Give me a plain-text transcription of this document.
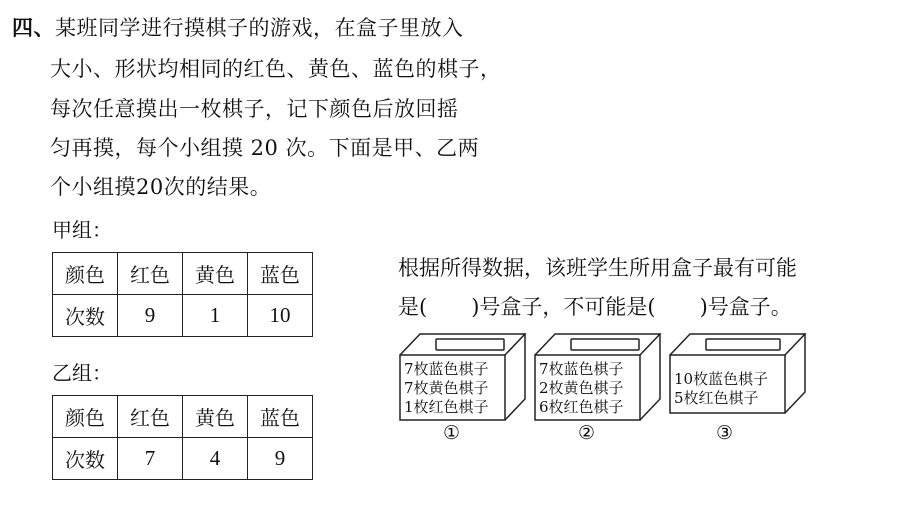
四、某班同学进行摸棋子的游戏，在盒子里放入
大小、形状均相同的红色、黄色、蓝色的棋子，
每次任意摸出一枚棋子，记下颜色后放回摇
匀再摸，每个小组摸 20 次。下面是甲、乙两
个小组摸20次的结果。
甲组：
颜色	红色	黄色	蓝色
次数	9	1	10
乙组：
颜色	红色	黄色	蓝色
次数	7	4	9
根据所得数据，该班学生所用盒子最有可能
是( )号盒子，不可能是( )号盒子。
7枚蓝色棋子
7枚黄色棋子
1枚红色棋子
①
7枚蓝色棋子
2枚黄色棋子
6枚红色棋子
②
10枚蓝色棋子
5枚红色棋子
③
